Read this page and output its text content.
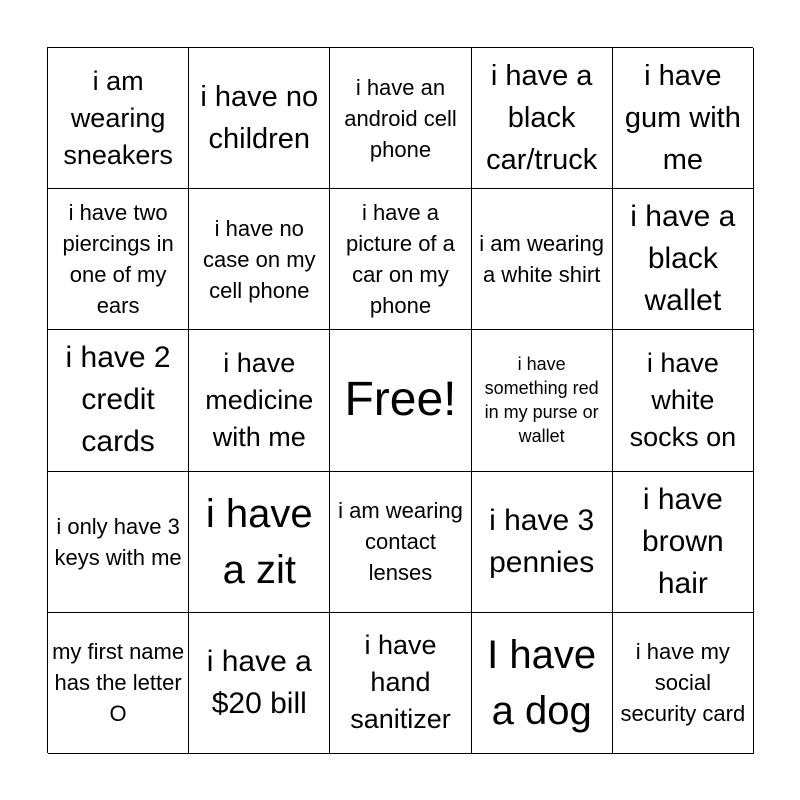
i am wearing sneakers
i have no children
i have an android cell phone
i have a black car/truck
i have gum with me
i have two piercings in one of my ears
i have no case on my cell phone
i have a picture of a car on my phone
i am wearing a white shirt
i have a black wallet
i have 2 credit cards
i have medicine with me
Free!
i have something red in my purse or wallet
i have white socks on
i only have 3 keys with me
i have a zit
i am wearing contact lenses
i have 3 pennies
i have brown hair
my first name has the letter O
i have a $20 bill
i have hand sanitizer
I have a dog
i have my social security card
